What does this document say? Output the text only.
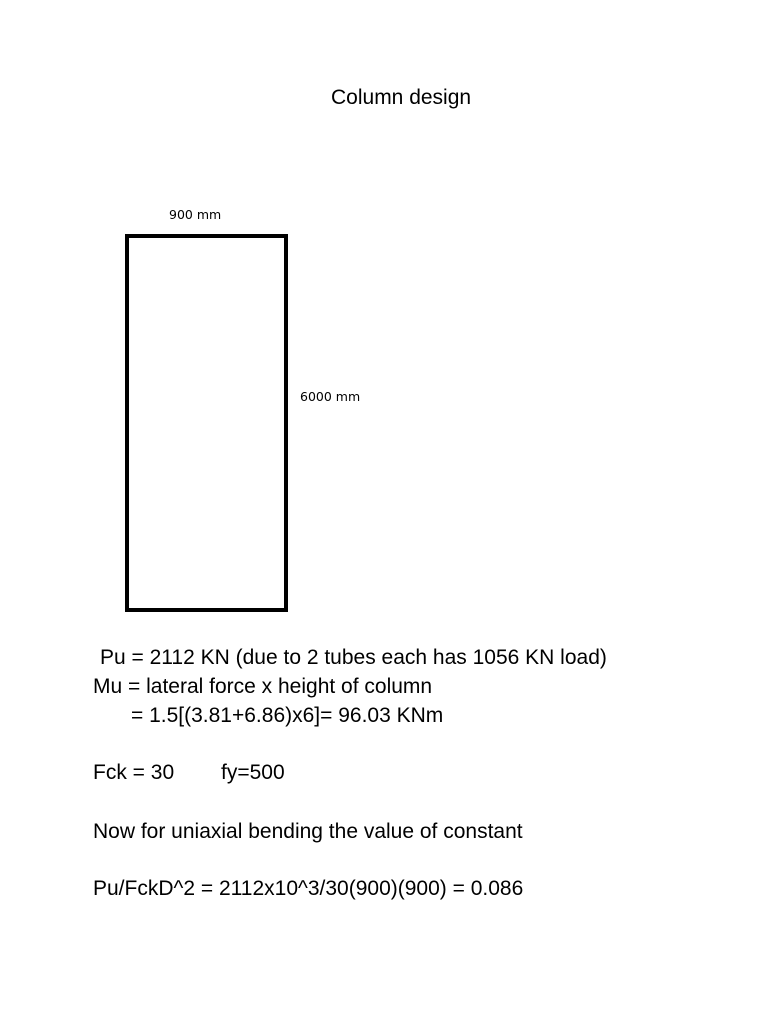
Column design
900 mm
6000 mm
Pu = 2112 KN (due to 2 tubes each has 1056 KN load)
Mu = lateral force x height of column
= 1.5[(3.81+6.86)x6]= 96.03 KNm
Fck = 30 fy=500
Now for uniaxial bending the value of constant
Pu/FckD^2 = 2112x10^3/30(900)(900) = 0.086
